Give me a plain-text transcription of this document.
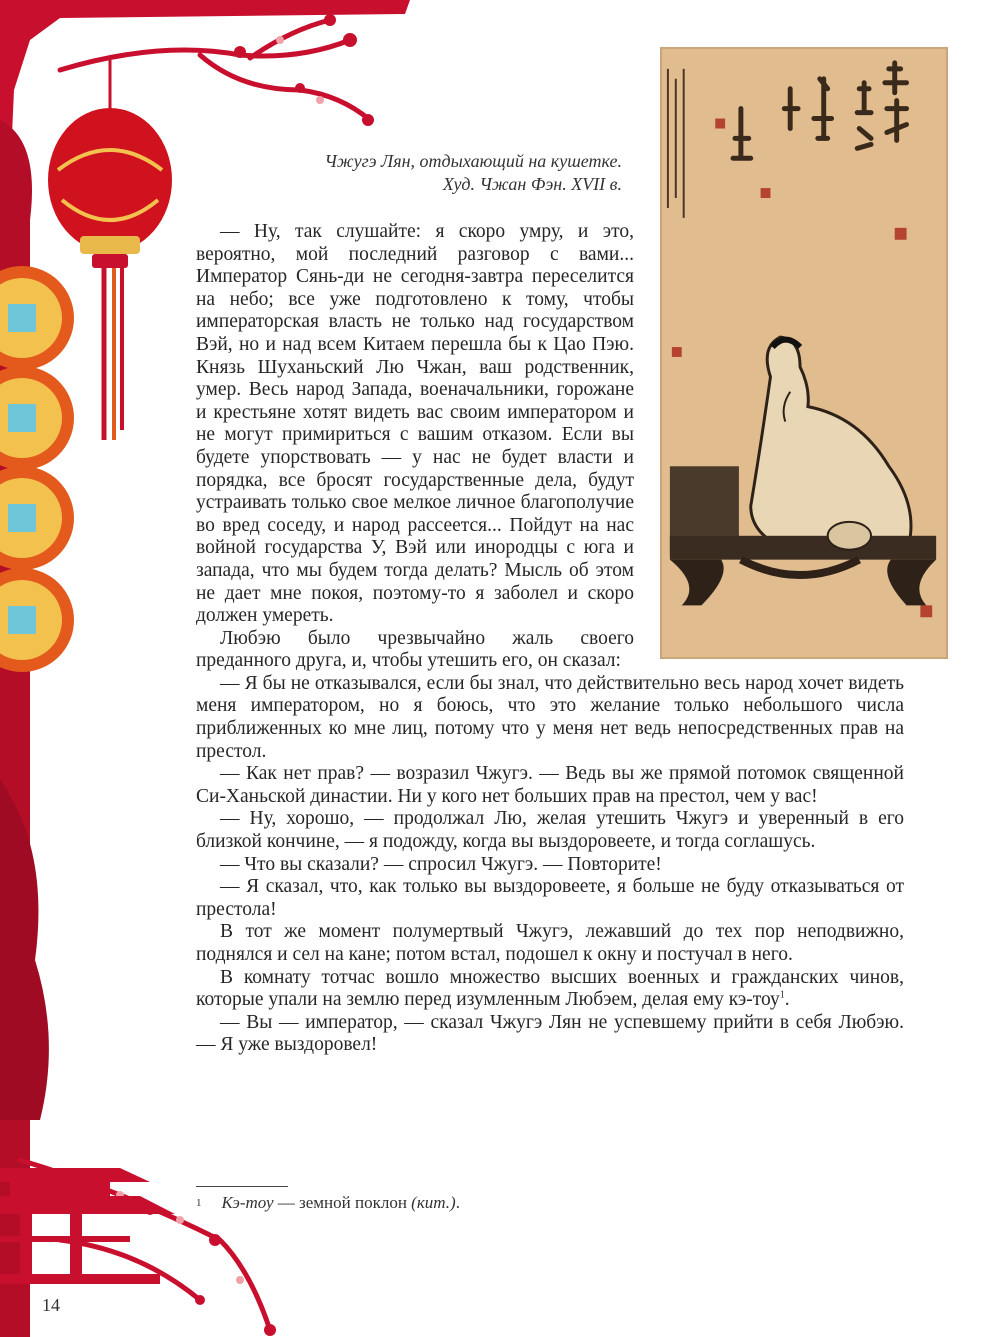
Чжугэ Лян, отдыхающий на кушетке.
Худ. Чжан Фэн. XVII в.

— Ну, так слушайте: я скоро умру, и это, вероятно, мой последний разговор с вами... Император Сянь-ди не сегодня-завтра переселится на небо; все уже подготовлено к тому, чтобы императорская власть не только над государством Вэй, но и над всем Китаем перешла бы к Цао Пэю. Князь Шуханьский Лю Чжан, ваш родственник, умер. Весь народ Запада, военачальники, горожане и крестьяне хотят видеть вас своим императором и не могут примириться с вашим отказом. Если вы будете упорствовать — у нас не будет власти и порядка, все бросят государственные дела, будут устраивать только свое мелкое личное благополучие во вред соседу, и народ рассеется... Пойдут на нас войной государства У, Вэй или инородцы с юга и запада, что мы будем тогда делать? Мысль об этом не дает мне покоя, поэтому-то я заболел и скоро должен умереть.

Любэю было чрезвычайно жаль своего преданного друга, и, чтобы утешить его, он сказал:

— Я бы не отказывался, если бы знал, что действительно весь народ хочет видеть меня императором, но я боюсь, что это желание только небольшого числа приближенных ко мне лиц, потому что у меня нет ведь непосредственных прав на престол.

— Как нет прав? — возразил Чжугэ. — Ведь вы же прямой потомок священной Си-Ханьской династии. Ни у кого нет больших прав на престол, чем у вас!

— Ну, хорошо, — продолжал Лю, желая утешить Чжугэ и уверенный в его близкой кончине, — я подожду, когда вы выздоровеете, и тогда соглашусь.

— Что вы сказали? — спросил Чжугэ. — Повторите!

— Я сказал, что, как только вы выздоровеете, я больше не буду отказываться от престола!

В тот же момент полумертвый Чжугэ, лежавший до тех пор неподвижно, поднялся и сел на кане; потом встал, подошел к окну и постучал в него.

В комнату тотчас вошло множество высших военных и гражданских чинов, которые упали на землю перед изумленным Любэем, делая ему кэ-тоу$^1$.

— Вы — император, — сказал Чжугэ Лян не успевшему прийти в себя Любэю. — Я уже выздоровел!

$^1$ Кэ-тоу — земной поклон (кит.).
14
